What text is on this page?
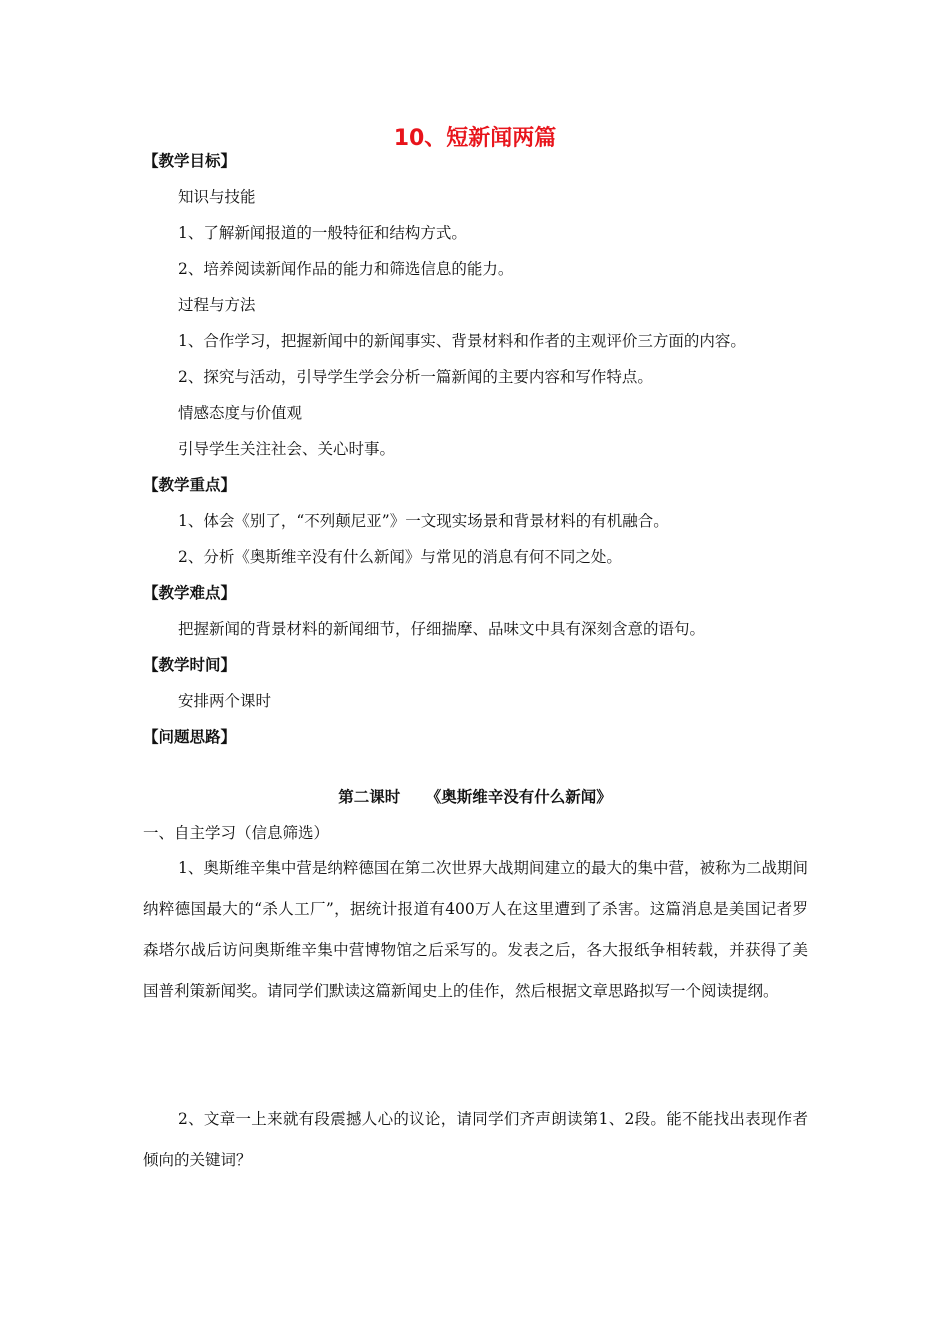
10、短新闻两篇
【教学目标】
知识与技能
1、了解新闻报道的一般特征和结构方式。
2、培养阅读新闻作品的能力和筛选信息的能力。
过程与方法
1、合作学习，把握新闻中的新闻事实、背景材料和作者的主观评价三方面的内容。
2、探究与活动，引导学生学会分析一篇新闻的主要内容和写作特点。
情感态度与价值观
引导学生关注社会、关心时事。
【教学重点】
1、体会《别了，“不列颠尼亚”》一文现实场景和背景材料的有机融合。
2、分析《奥斯维辛没有什么新闻》与常见的消息有何不同之处。
【教学难点】
把握新闻的背景材料的新闻细节，仔细揣摩、品味文中具有深刻含意的语句。
【教学时间】
安排两个课时
【问题思路】
第二课时 《奥斯维辛没有什么新闻》
一、自主学习（信息筛选）
1、奥斯维辛集中营是纳粹德国在第二次世界大战期间建立的最大的集中营，被称为二战期间纳粹德国最大的“杀人工厂”，据统计报道有400万人在这里遭到了杀害。这篇消息是美国记者罗森塔尔战后访问奥斯维辛集中营博物馆之后采写的。发表之后，各大报纸争相转载，并获得了美国普利策新闻奖。请同学们默读这篇新闻史上的佳作，然后根据文章思路拟写一个阅读提纲。
2、文章一上来就有段震撼人心的议论，请同学们齐声朗读第1、2段。能不能找出表现作者倾向的关键词？
